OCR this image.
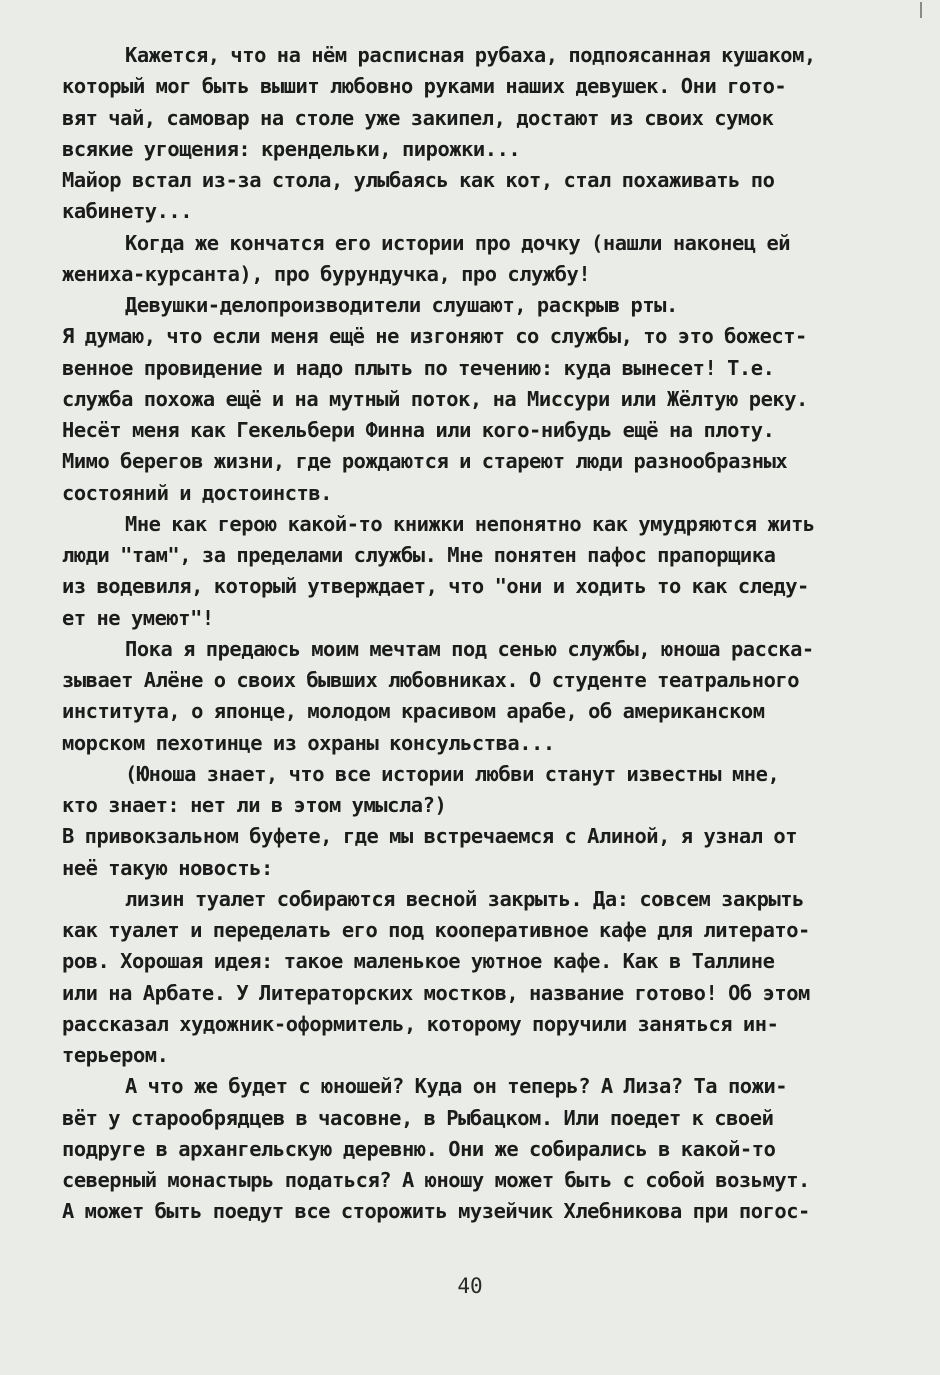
Кажется, что на нём расписная рубаха, подпоясанная кушаком,
который мог быть вышит любовно руками наших девушек. Они гото-
вят чай, самовар на столе уже закипел, достают из своих сумок
всякие угощения: крендельки, пирожки...
Майор встал из-за стола, улыбаясь как кот, стал похаживать по
кабинету...
Когда же кончатся его истории про дочку (нашли наконец ей
жениха-курсанта), про бурундучка, про службу!
Девушки-делопроизводители слушают, раскрыв рты.
Я думаю, что если меня ещё не изгоняют со службы, то это божест-
венное провидение и надо плыть по течению: куда вынесет! Т.е.
служба похожа ещё и на мутный поток, на Миссури или Жёлтую реку.
Несёт меня как Гекельбери Финна или кого-нибудь ещё на плоту.
Мимо берегов жизни, где рождаются и стареют люди разнообразных
состояний и достоинств.
Мне как герою какой-то книжки непонятно как умудряются жить
люди "там", за пределами службы. Мне понятен пафос прапорщика
из водевиля, который утверждает, что "они и ходить то как следу-
ет не умеют"!
Пока я предаюсь моим мечтам под сенью службы, юноша расска-
зывает Алёне о своих бывших любовниках. О студенте театрального
института, о японце, молодом красивом арабе, об американском
морском пехотинце из охраны консульства...
(Юноша знает, что все истории любви станут известны мне,
кто знает: нет ли в этом умысла?)
В привокзальном буфете, где мы встречаемся с Алиной, я узнал от
неё такую новость:
лизин туалет собираются весной закрыть. Да: совсем закрыть
как туалет и переделать его под кооперативное кафе для литерато-
ров. Хорошая идея: такое маленькое уютное кафе. Как в Таллине
или на Арбате. У Литераторских мостков, название готово! Об этом
рассказал художник-оформитель, которому поручили заняться ин-
терьером.
А что же будет с юношей? Куда он теперь? А Лиза? Та пожи-
вёт у старообрядцев в часовне, в Рыбацком. Или поедет к своей
подруге в архангельскую деревню. Они же собирались в какой-то
северный монастырь податься? А юношу может быть с собой возьмут.
А может быть поедут все сторожить музейчик Хлебникова при погос-
40
